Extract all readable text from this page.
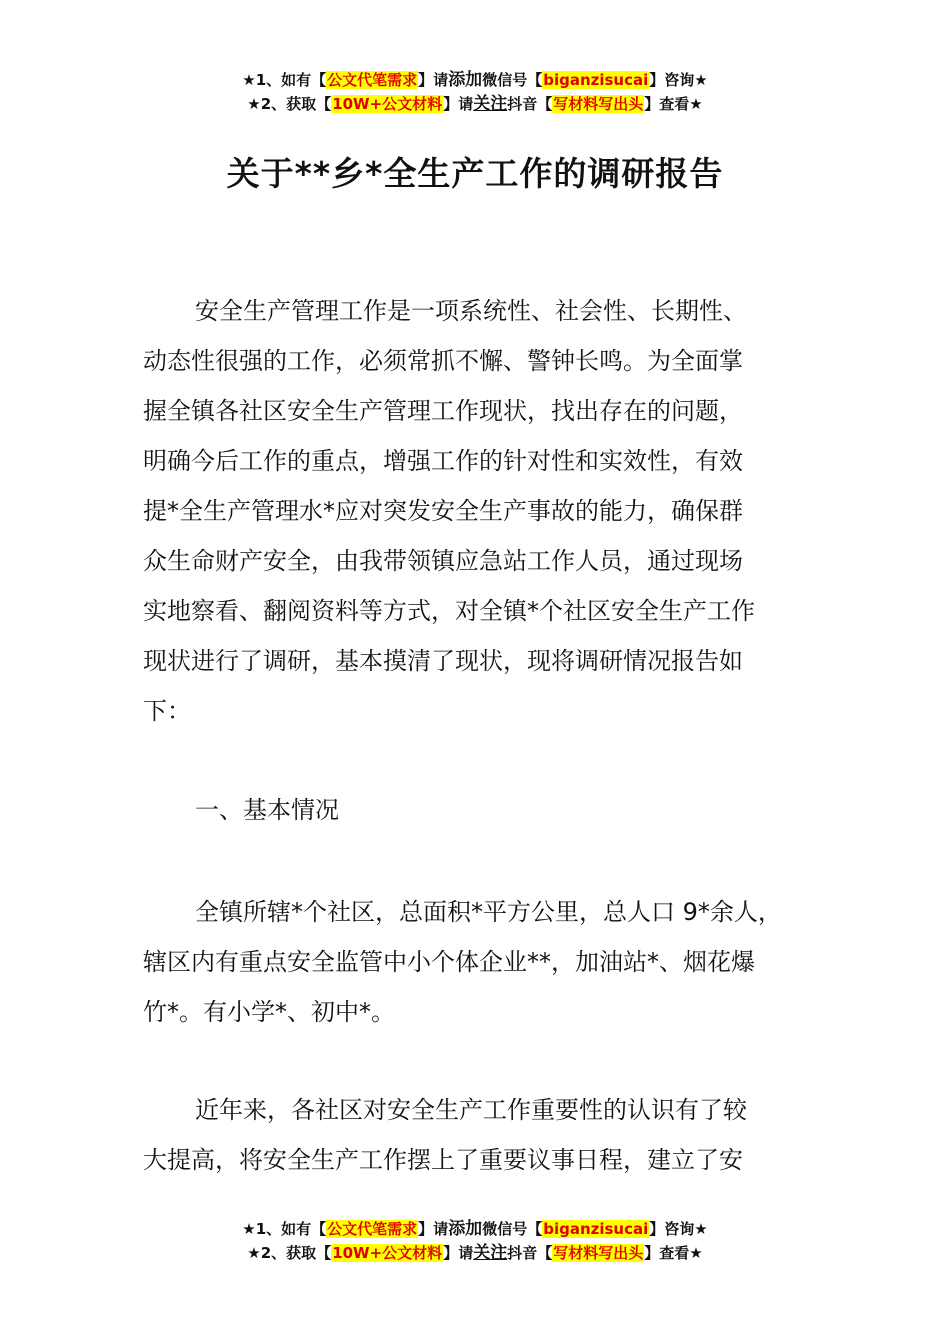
★1、如有【公文代笔需求】请添加微信号【biganzisucai】咨询★
★2、获取【10W+公文材料】请关注抖音【写材料写出头】查看★
关于**乡*全生产工作的调研报告
安全生产管理工作是一项系统性、社会性、长期性、
动态性很强的工作，必须常抓不懈、警钟长鸣。为全面掌
握全镇各社区安全生产管理工作现状，找出存在的问题，
明确今后工作的重点，增强工作的针对性和实效性，有效
提*全生产管理水*应对突发安全生产事故的能力，确保群
众生命财产安全，由我带领镇应急站工作人员，通过现场
实地察看、翻阅资料等方式，对全镇*个社区安全生产工作
现状进行了调研，基本摸清了现状，现将调研情况报告如
下：
一、基本情况
全镇所辖*个社区，总面积*平方公里，总人口 9*余人，
辖区内有重点安全监管中小个体企业**，加油站*、烟花爆
竹*。有小学*、初中*。
近年来，各社区对安全生产工作重要性的认识有了较
大提高，将安全生产工作摆上了重要议事日程，建立了安
★1、如有【公文代笔需求】请添加微信号【biganzisucai】咨询★
★2、获取【10W+公文材料】请关注抖音【写材料写出头】查看★
